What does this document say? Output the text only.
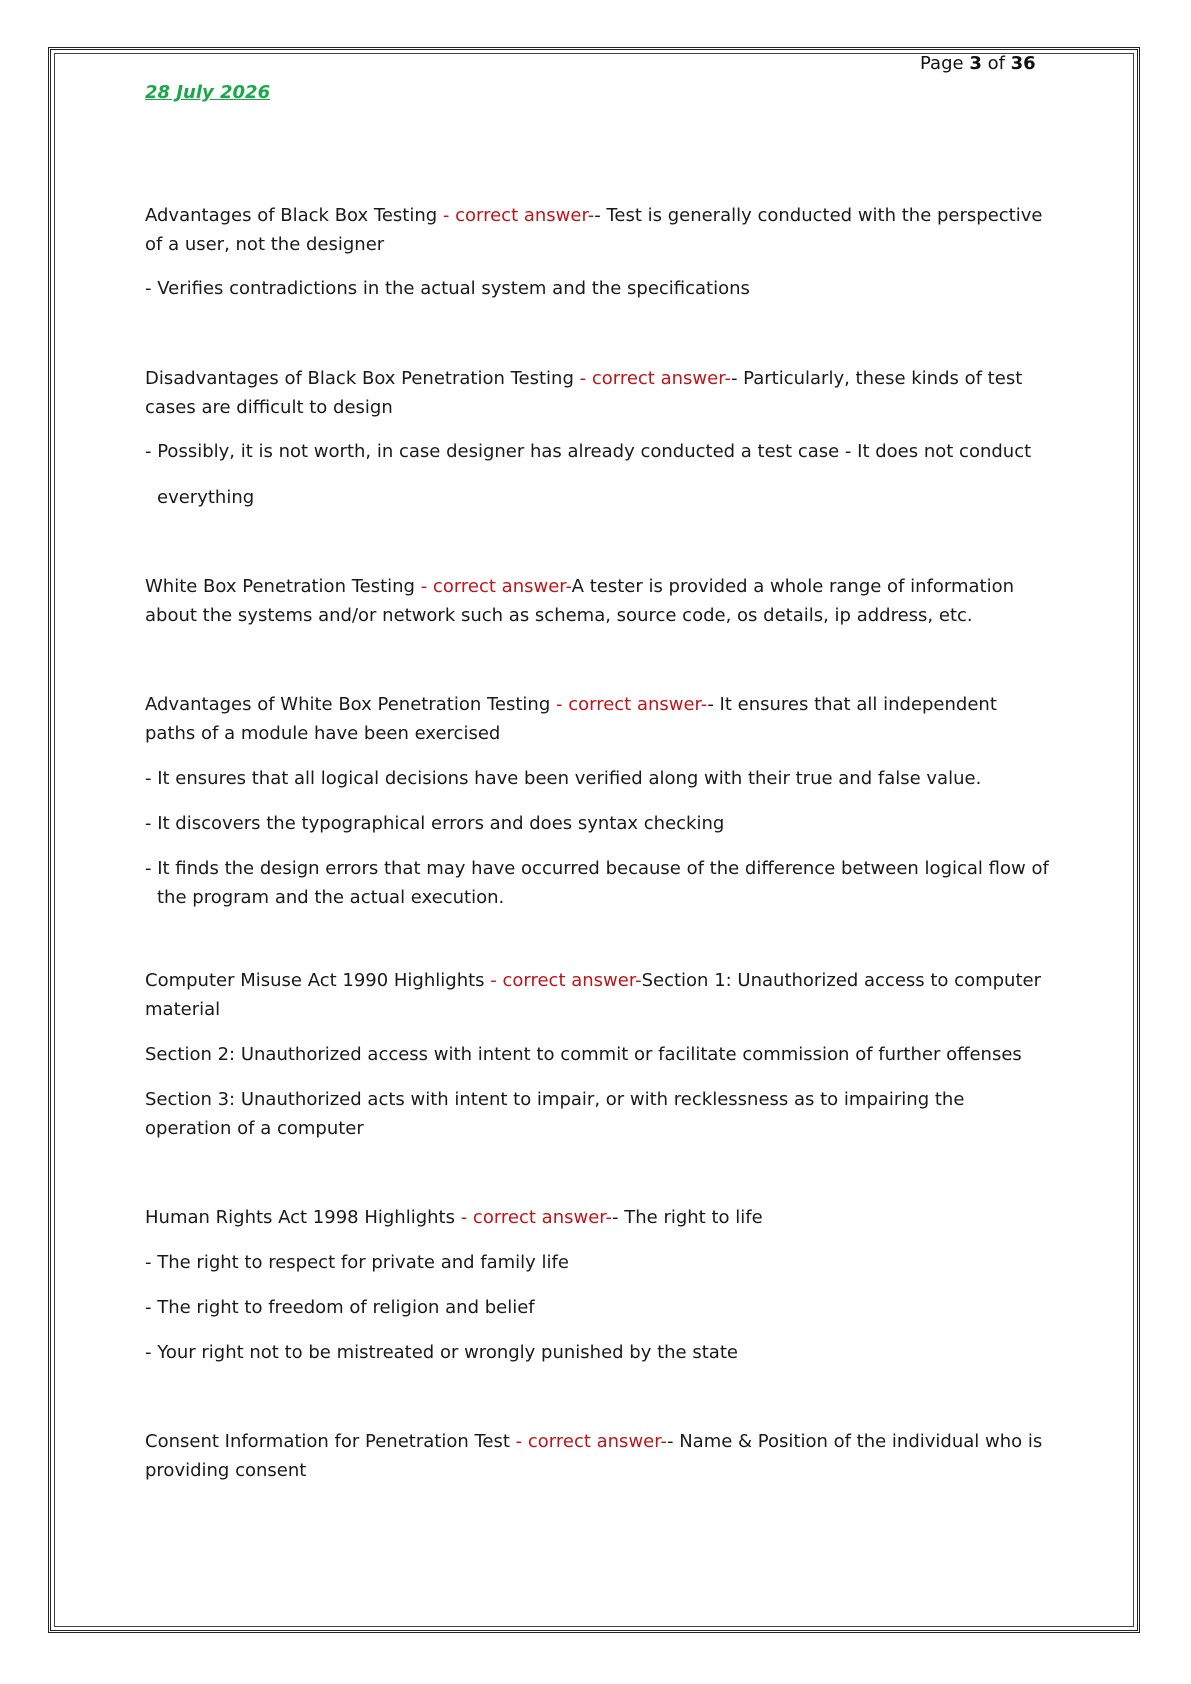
Page 3 of 36
28 July 2026

Advantages of Black Box Testing - correct answer-- Test is generally conducted with the perspective of a user, not the designer

- Verifies contradictions in the actual system and the specifications

Disadvantages of Black Box Penetration Testing - correct answer-- Particularly, these kinds of test cases are difficult to design

- Possibly, it is not worth, in case designer has already conducted a test case - It does not conduct

everything

White Box Penetration Testing - correct answer-A tester is provided a whole range of information about the systems and/or network such as schema, source code, os details, ip address, etc.

Advantages of White Box Penetration Testing - correct answer-- It ensures that all independent paths of a module have been exercised

- It ensures that all logical decisions have been verified along with their true and false value.

- It discovers the typographical errors and does syntax checking

- It finds the design errors that may have occurred because of the difference between logical flow of the program and the actual execution.

Computer Misuse Act 1990 Highlights - correct answer-Section 1: Unauthorized access to computer material

Section 2: Unauthorized access with intent to commit or facilitate commission of further offenses

Section 3: Unauthorized acts with intent to impair, or with recklessness as to impairing the operation of a computer

Human Rights Act 1998 Highlights - correct answer-- The right to life

- The right to respect for private and family life

- The right to freedom of religion and belief

- Your right not to be mistreated or wrongly punished by the state

Consent Information for Penetration Test - correct answer-- Name & Position of the individual who is providing consent
